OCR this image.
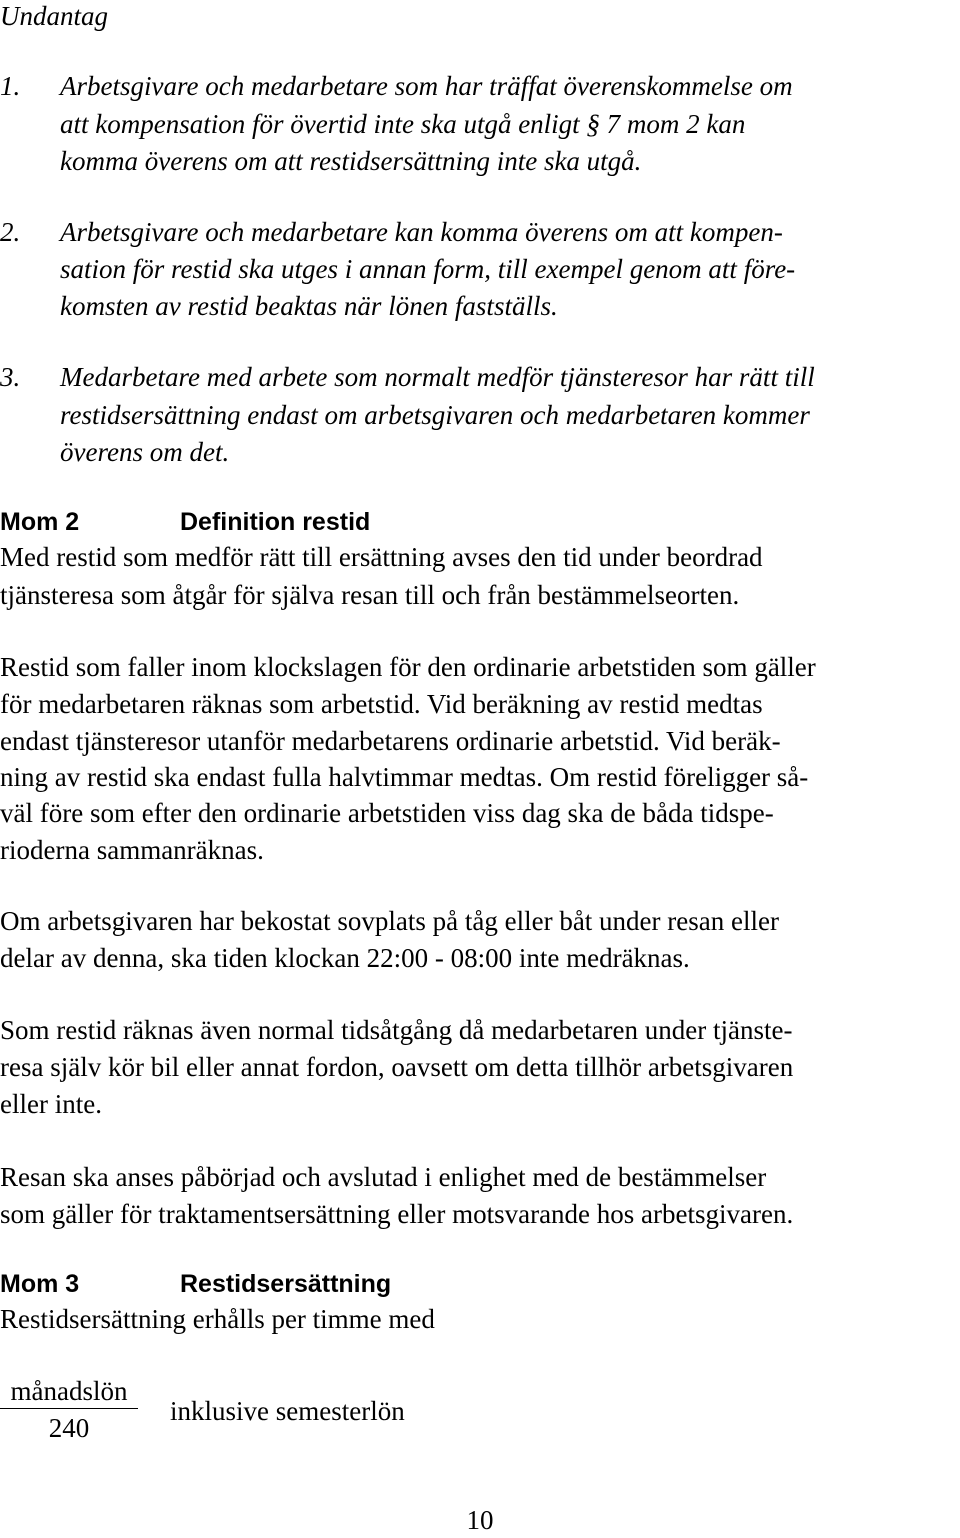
Undantag
1. Arbetsgivare och medarbetare som har träffat överenskommelse om
att kompensation för övertid inte ska utgå enligt § 7 mom 2 kan
komma överens om att restidsersättning inte ska utgå.
2. Arbetsgivare och medarbetare kan komma överens om att kompen-
sation för restid ska utges i annan form, till exempel genom att före-
komsten av restid beaktas när lönen fastställs.
3. Medarbetare med arbete som normalt medför tjänsteresor har rätt till
restidsersättning endast om arbetsgivaren och medarbetaren kommer
överens om det.
Mom 2	Definition restid
Med restid som medför rätt till ersättning avses den tid under beordrad
tjänsteresa som åtgår för själva resan till och från bestämmelseorten.
Restid som faller inom klockslagen för den ordinarie arbetstiden som gäller
för medarbetaren räknas som arbetstid. Vid beräkning av restid medtas
endast tjänsteresor utanför medarbetarens ordinarie arbetstid. Vid beräk-
ning av restid ska endast fulla halvtimmar medtas. Om restid föreligger så-
väl före som efter den ordinarie arbetstiden viss dag ska de båda tidspe-
rioderna sammanräknas.
Om arbetsgivaren har bekostat sovplats på tåg eller båt under resan eller
delar av denna, ska tiden klockan 22:00 - 08:00 inte medräknas.
Som restid räknas även normal tidsåtgång då medarbetaren under tjänste-
resa själv kör bil eller annat fordon, oavsett om detta tillhör arbetsgivaren
eller inte.
Resan ska anses påbörjad och avslutad i enlighet med de bestämmelser
som gäller för traktamentsersättning eller motsvarande hos arbetsgivaren.
Mom 3	Restidsersättning
Restidsersättning erhålls per timme med
månadslön
240
inklusive semesterlön
10
